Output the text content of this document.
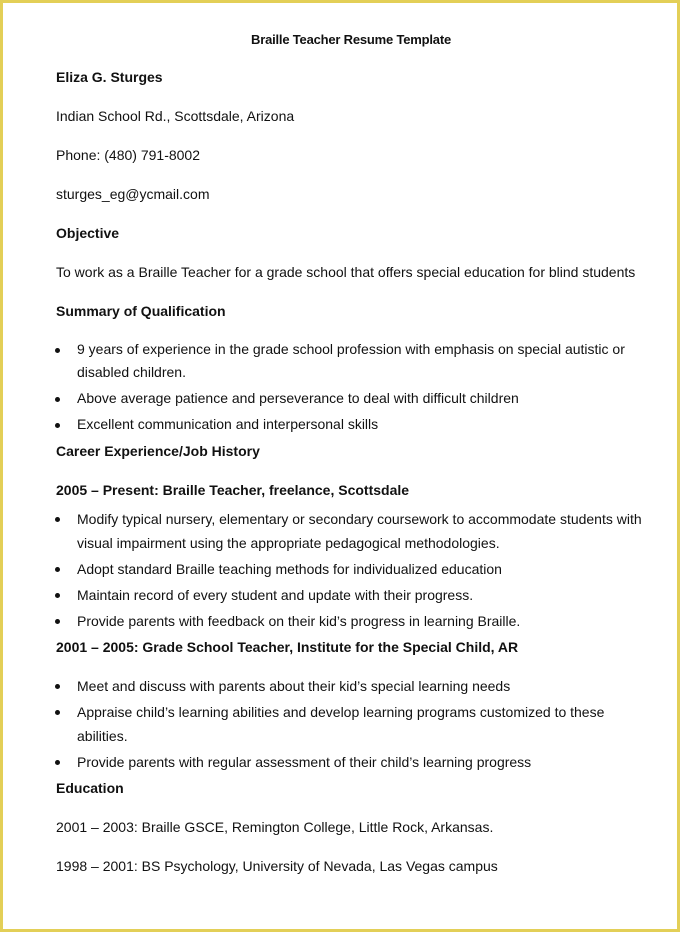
Braille Teacher Resume Template
Eliza G. Sturges
Indian School Rd., Scottsdale, Arizona
Phone: (480) 791-8002
sturges_eg@ycmail.com
Objective
To work as a Braille Teacher for a grade school that offers special education for blind students
Summary of Qualification
9 years of experience in the grade school profession with emphasis on special autistic or disabled children.
Above average patience and perseverance to deal with difficult children
Excellent communication and interpersonal skills
Career Experience/Job History
2005 – Present: Braille Teacher, freelance, Scottsdale
Modify typical nursery, elementary or secondary coursework to accommodate students with visual impairment using the appropriate pedagogical methodologies.
Adopt standard Braille teaching methods for individualized education
Maintain record of every student and update with their progress.
Provide parents with feedback on their kid’s progress in learning Braille.
2001 – 2005: Grade School Teacher, Institute for the Special Child, AR
Meet and discuss with parents about their kid’s special learning needs
Appraise child’s learning abilities and develop learning programs customized to these abilities.
Provide parents with regular assessment of their child’s learning progress
Education
2001 – 2003: Braille GSCE, Remington College, Little Rock, Arkansas.
1998 – 2001: BS Psychology, University of Nevada, Las Vegas campus
